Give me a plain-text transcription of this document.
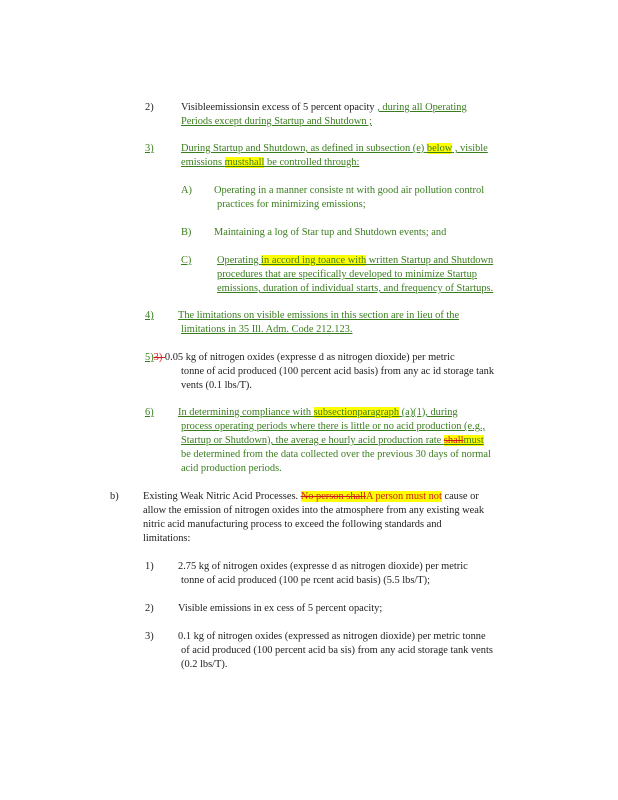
2)	Visibleemissionsin excess of 5 percent opacity , during all Operating
Periods except during Startup and Shutdown ;
3)	During Startup and Shutdown, as defined in subsection (e) below , visible
emissions mustshall be controlled through:
A) Operating in a manner consiste nt with good air pollution control
practices for minimizing emissions;
B) Maintaining a log of Star tup and Shutdown events; and
C) Operating in accord ing toance with written Startup and Shutdown
procedures that are specifically developed to minimize Startup
emissions, duration of individual starts, and frequency of Startups.
4) The limitations on visible emissions in this section are in lieu of the
limitations in 35 Ill. Adm. Code 212.123.
5)3) 0.05 kg of nitrogen oxides (expresse d as nitrogen dioxide) per metric
tonne of acid produced (100 percent acid basis) from any ac id storage tank
vents (0.1 lbs/T).
6) In determining compliance with subsectionparagraph (a)(1), during
process operating periods where there is little or no acid production (e.g.,
Startup or Shutdown), the averag e hourly acid production rate shallmust
be determined from the data collected over the previous 30 days of normal
acid production periods.
b) Existing Weak Nitric Acid Processes. No person shallA person must not cause or
allow the emission of nitrogen oxides into the atmosphere from any existing weak
nitric acid manufacturing process to exceed the following standards and
limitations:
1) 2.75 kg of nitrogen oxides (expresse d as nitrogen dioxide) per metric
tonne of acid produced (100 pe rcent acid basis) (5.5 lbs/T);
2) Visible emissions in ex cess of 5 percent opacity;
3) 0.1 kg of nitrogen oxides (expressed as nitrogen dioxide) per metric tonne
of acid produced (100 percent acid ba sis) from any acid storage tank vents
(0.2 lbs/T).
